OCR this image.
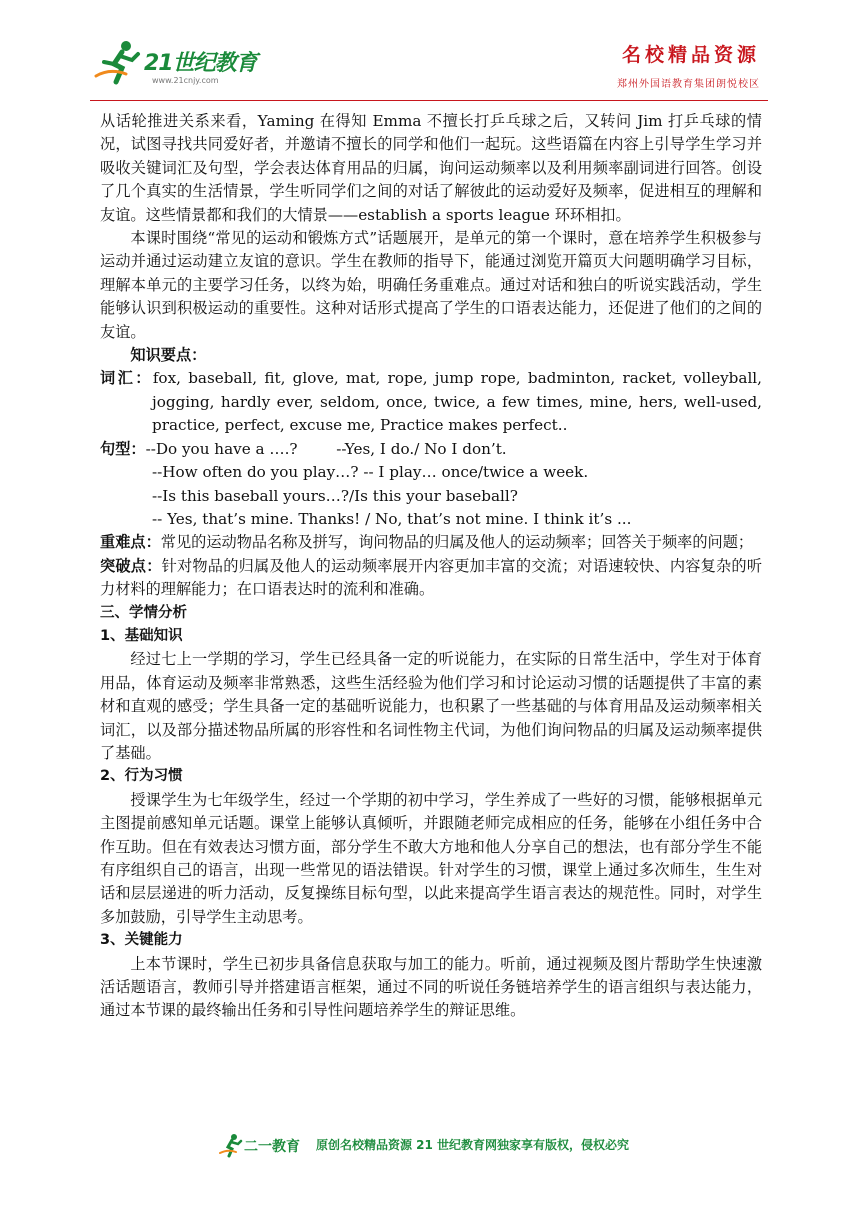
21世纪教育
www.21cnjy.com
名校精品资源
郑州外国语教育集团朗悦校区

从话轮推进关系来看，Yaming 在得知 Emma 不擅长打乒乓球之后，又转问 Jim 打乒乓球的情况，试图寻找共同爱好者，并邀请不擅长的同学和他们一起玩。这些语篇在内容上引导学生学习并吸收关键词汇及句型，学会表达体育用品的归属，询问运动频率以及利用频率副词进行回答。创设了几个真实的生活情景，学生听同学们之间的对话了解彼此的运动爱好及频率，促进相互的理解和友谊。这些情景都和我们的大情景——establish a sports league 环环相扣。

本课时围绕“常见的运动和锻炼方式”话题展开，是单元的第一个课时，意在培养学生积极参与运动并通过运动建立友谊的意识。学生在教师的指导下，能通过浏览开篇页大问题明确学习目标，理解本单元的主要学习任务，以终为始，明确任务重难点。通过对话和独白的听说实践活动，学生能够认识到积极运动的重要性。这种对话形式提高了学生的口语表达能力，还促进了他们的之间的友谊。

知识要点：

词汇：fox, baseball, fit, glove, mat, rope, jump rope, badminton, racket, volleyball, jogging, hardly ever, seldom, once, twice, a few times, mine, hers, well-used, practice, perfect, excuse me, Practice makes perfect..

句型：--Do you have a ….?        --Yes, I do./ No I don’t.

--How often do you play…? -- I play… once/twice a week.

--Is this baseball yours…?/Is this your baseball?

-- Yes, that’s mine. Thanks! / No, that’s not mine. I think it’s ...

重难点：常见的运动物品名称及拼写，询问物品的归属及他人的运动频率；回答关于频率的问题；

突破点：针对物品的归属及他人的运动频率展开内容更加丰富的交流；对语速较快、内容复杂的听力材料的理解能力；在口语表达时的流利和准确。

三、学情分析

1、基础知识

经过七上一学期的学习，学生已经具备一定的听说能力，在实际的日常生活中，学生对于体育用品，体育运动及频率非常熟悉，这些生活经验为他们学习和讨论运动习惯的话题提供了丰富的素材和直观的感受；学生具备一定的基础听说能力，也积累了一些基础的与体育用品及运动频率相关词汇，以及部分描述物品所属的形容性和名词性物主代词，为他们询问物品的归属及运动频率提供了基础。

2、行为习惯

授课学生为七年级学生，经过一个学期的初中学习，学生养成了一些好的习惯，能够根据单元主图提前感知单元话题。课堂上能够认真倾听，并跟随老师完成相应的任务，能够在小组任务中合作互助。但在有效表达习惯方面，部分学生不敢大方地和他人分享自己的想法，也有部分学生不能有序组织自己的语言，出现一些常见的语法错误。针对学生的习惯，课堂上通过多次师生，生生对话和层层递进的听力活动，反复操练目标句型，以此来提高学生语言表达的规范性。同时，对学生多加鼓励，引导学生主动思考。

3、关键能力

上本节课时，学生已初步具备信息获取与加工的能力。听前，通过视频及图片帮助学生快速激活话题语言，教师引导并搭建语言框架，通过不同的听说任务链培养学生的语言组织与表达能力，通过本节课的最终输出任务和引导性问题培养学生的辩证思维。

二一教育 原创名校精品资源 21 世纪教育网独家享有版权，侵权必究
